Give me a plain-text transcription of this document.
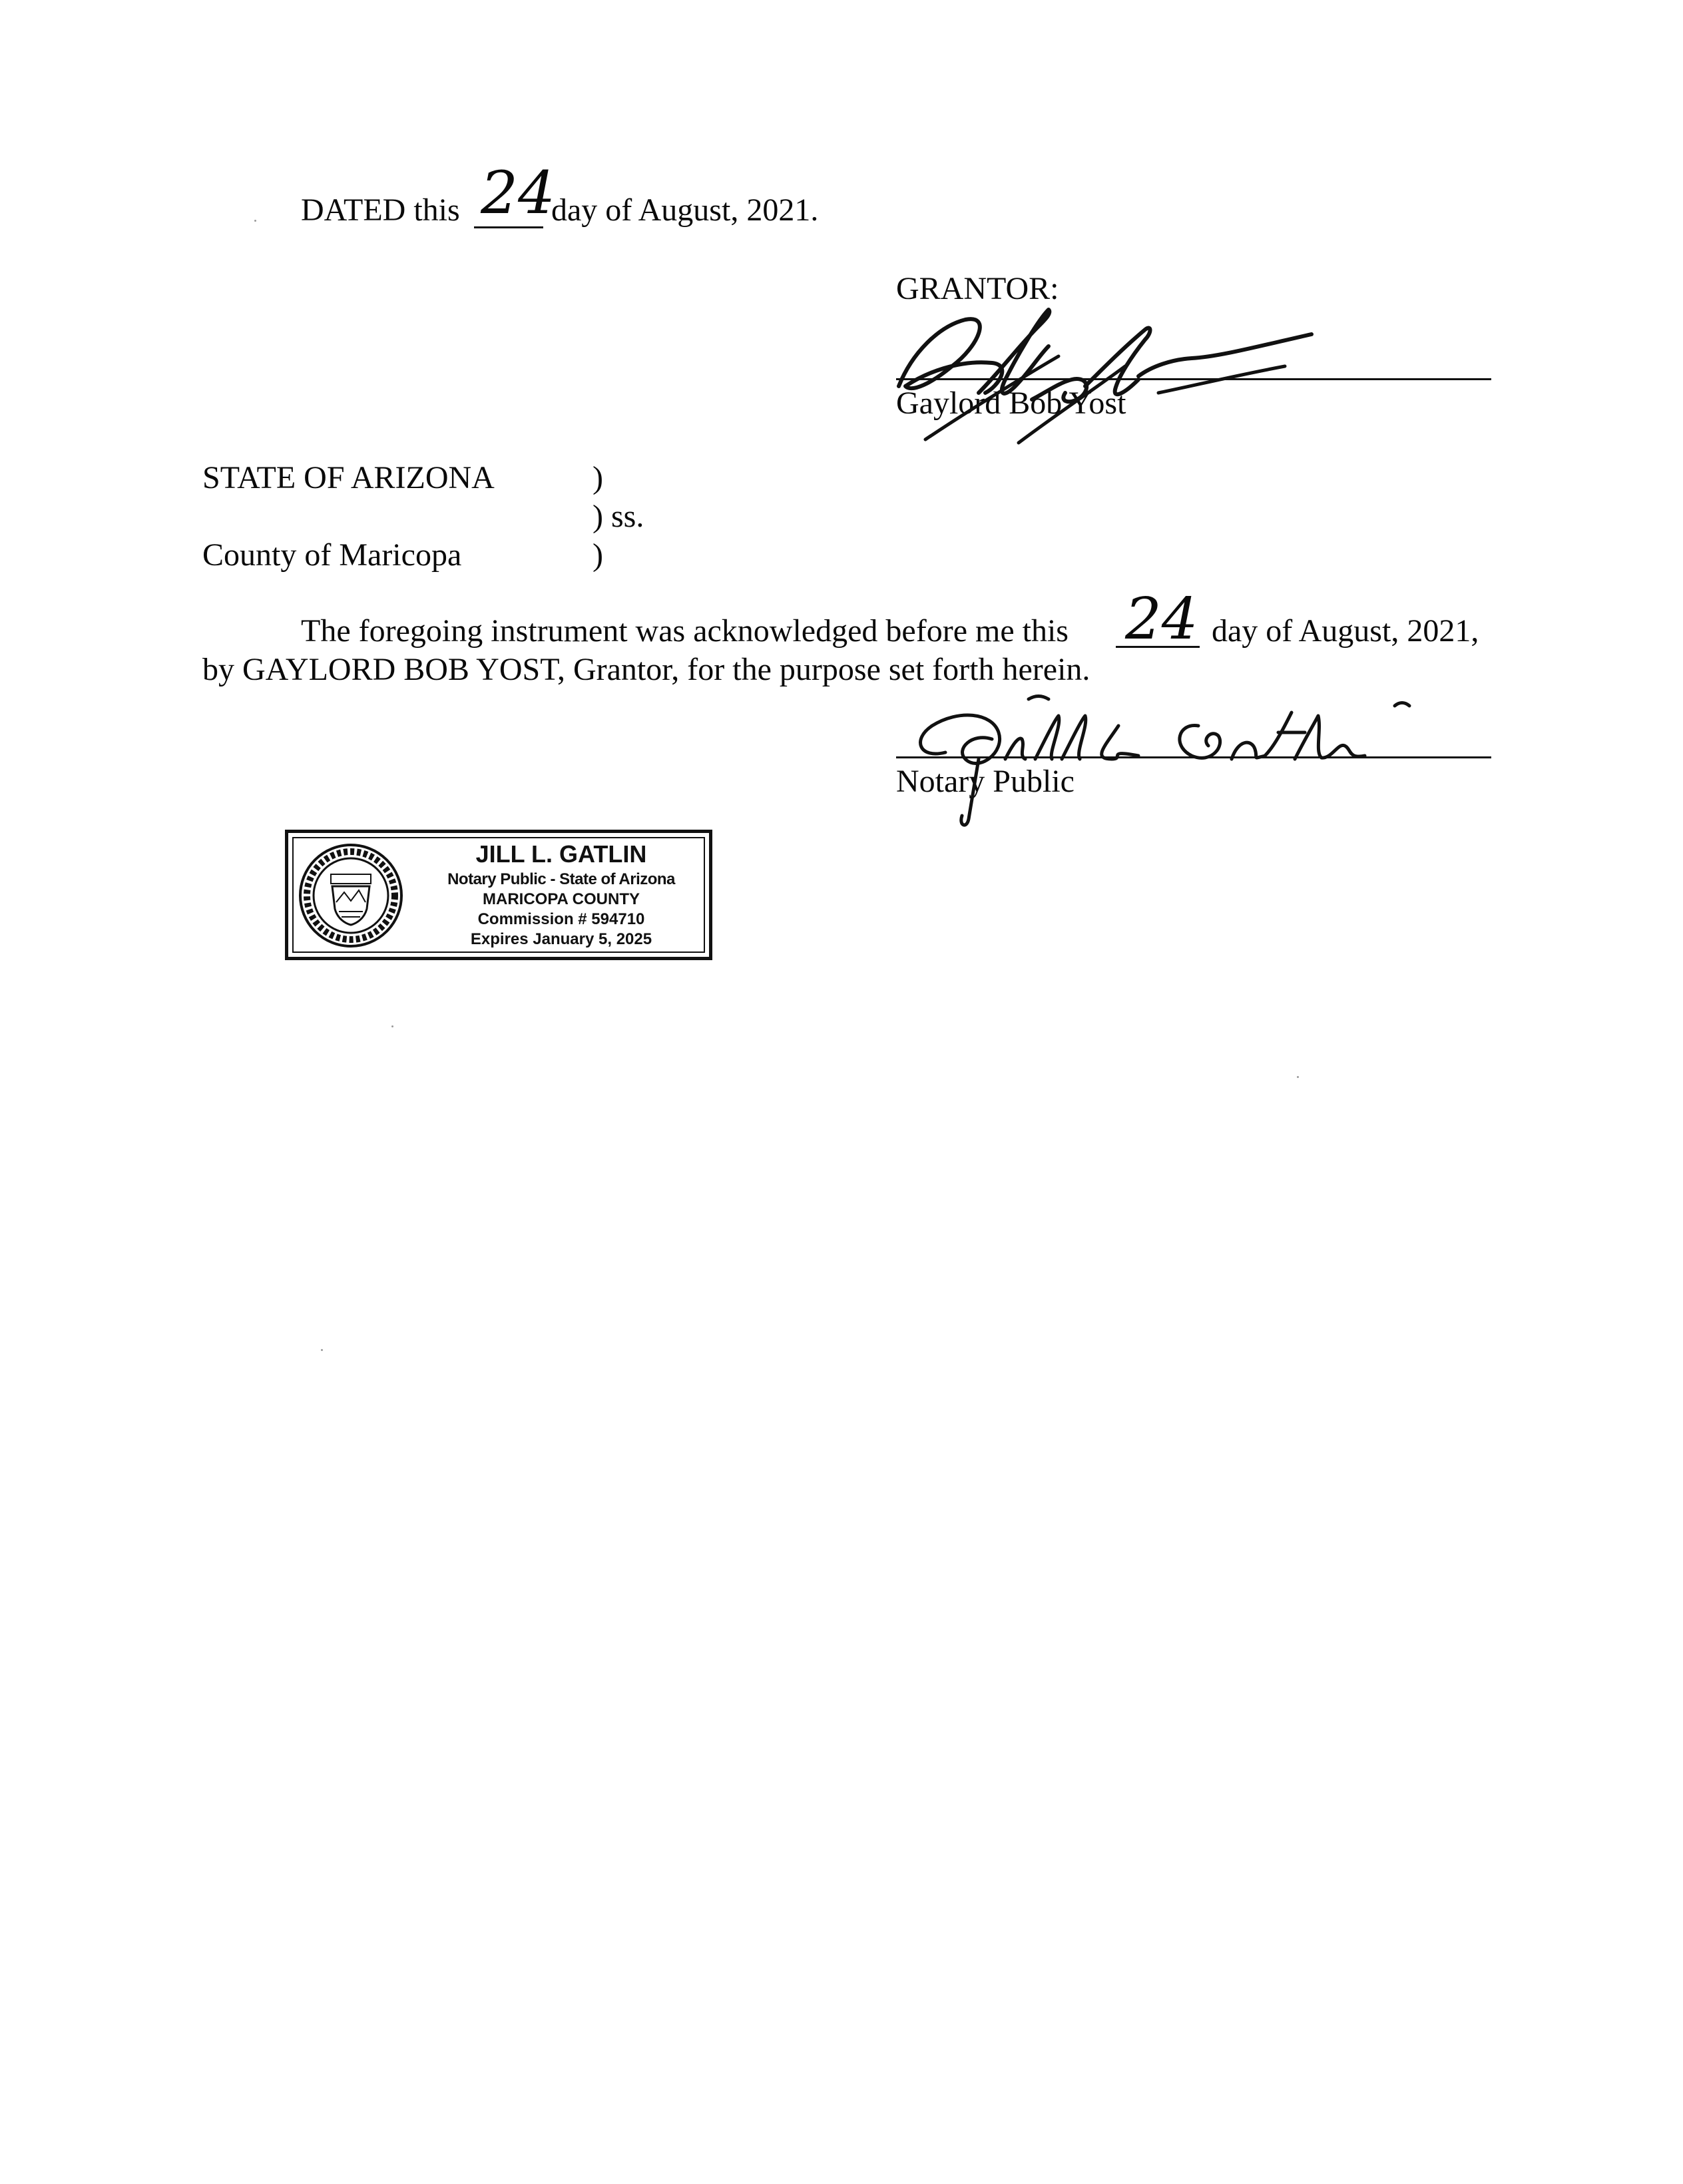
DATED this 24
day of August, 2021.
GRANTOR:
Gaylord Bob Yost
STATE OF ARIZONA	)
) ss.
County of Maricopa	)
The foregoing instrument was acknowledged before me this 24 day of August, 2021,
by GAYLORD BOB YOST, Grantor, for the purpose set forth herein.
Notary Public
JILL L. GATLIN
Notary Public - State of Arizona
MARICOPA COUNTY
Commission # 594710
Expires January 5, 2025
